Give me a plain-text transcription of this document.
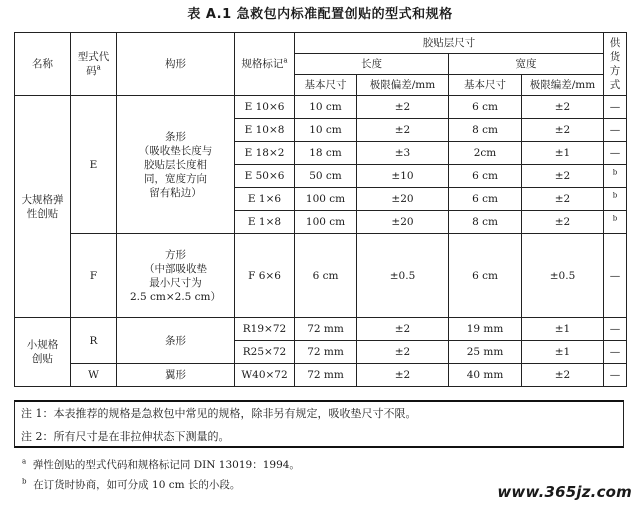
表 A.1 急救包内标准配置创贴的型式和规格
名称	型式代码$^a$	构形	规格标记$^a$	胶贴层尺寸				供货方式
				长度		宽度		
				基本尺寸	极限偏差/mm	基本尺寸	极限编差/mm	
大规格弹性创贴	E	条形
（吸收垫长度与
胶贴层长度相
同，宽度方向
留有粘边）	E 10×6	10 cm	±2	6 cm	±2	—
			E 10×8	10 cm	±2	8 cm	±2	—
			E 18×2	18 cm	±3	2cm	±1	—
			E 50×6	50 cm	±10	6 cm	±2	$^b$
			E 1×6	100 cm	±20	6 cm	±2	$^b$
			E 1×8	100 cm	±20	8 cm	±2	$^b$
	F	方形
（中部吸收垫
最小尺寸为
2.5 cm×2.5 cm）	F 6×6	6 cm	±0.5	6 cm	±0.5	—
小规格创贴	R	条形	R19×72	72 mm	±2	19 mm	±1	—
			R25×72	72 mm	±2	25 mm	±1	—
	W	翼形	W40×72	72 mm	±2	40 mm	±2	—
注 1：本表推荐的规格是急救包中常见的规格，除非另有规定，吸收垫尺寸不限。
注 2：所有尺寸是在非拉伸状态下测量的。
$^a$ 弹性创贴的型式代码和规格标记同 DIN 13019：1994。
$^b$ 在订货时协商，如可分成 10 cm 长的小段。	www.365jz.com
